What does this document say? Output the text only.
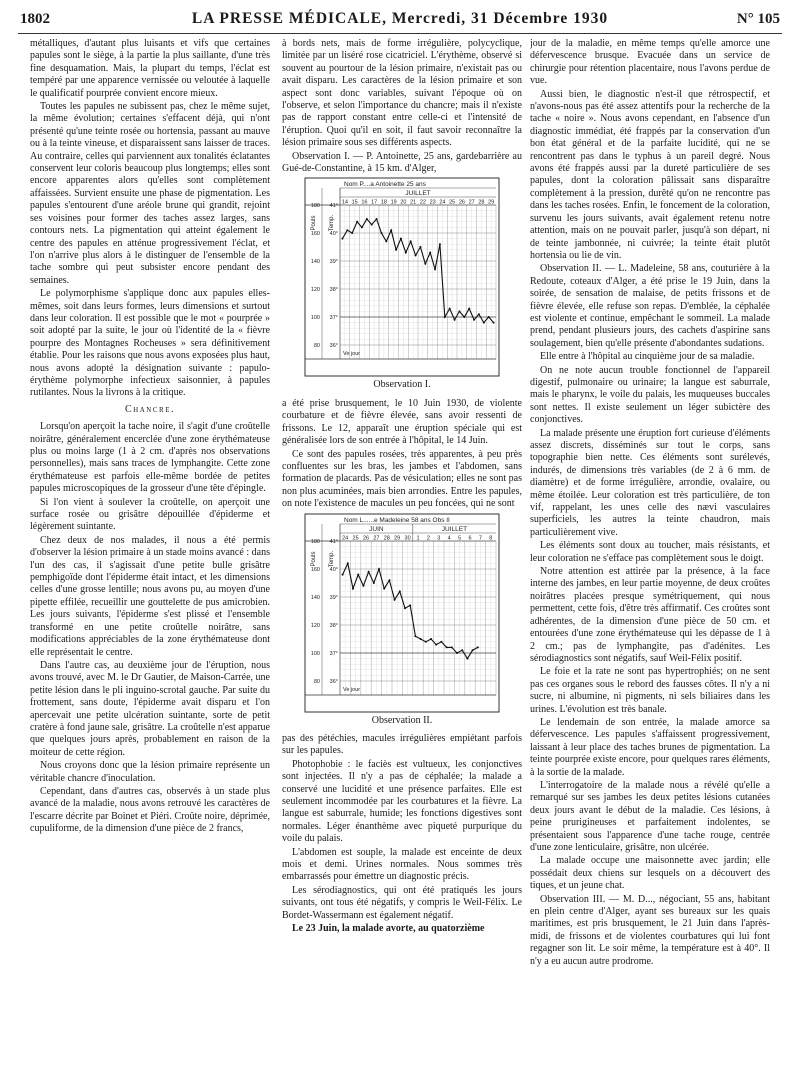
1802	LA PRESSE MÉDICALE, Mercredi, 31 Décembre 1930	N° 105

métalliques, d'autant plus luisants et vifs que certaines papules sont le siège, à la partie la plus saillante, d'une très fine desquamation. Mais, la plupart du temps, l'éclat est tempéré par une apparence vernissée ou veloutée à laquelle le qualificatif pourprée convient encore mieux.

Toutes les papules ne subissent pas, chez le même sujet, la même évolution; certaines s'effacent déjà, qui n'ont présenté qu'une teinte rosée ou hortensia, passant au mauve ou à la teinte vineuse, et disparaissent sans laisser de traces. Au contraire, celles qui parviennent aux tonalités éclatantes conservent leur coloris beaucoup plus longtemps; elles sont encore apparentes alors qu'elles sont complètement affaissées. Survient ensuite une phase de pigmentation. Les papules s'entourent d'une aréole brune qui grandit, rejoint ses voisines pour former des taches assez larges, sans contours nets. La pigmentation qui atteint également le centre des papules en atténue progressivement l'éclat, et l'on n'arrive plus alors à le distinguer de l'ensemble de la tache sombre qui peut subsister encore pendant des semaines.

Le polymorphisme s'applique donc aux papules elles-mêmes, soit dans leurs formes, leurs dimensions et surtout dans leur coloration. Il est possible que le mot « pourprée » soit adopté par la suite, le jour où l'identité de la « fièvre pourpre des Montagnes Rocheuses » sera définitivement établie. Pour les raisons que nous avons exposées plus haut, nous avons adopté la désignation suivante : papulo-érythème polymorphe infectieux saisonnier, à papules rutilantes. Nous la livrons à la critique.

Chancre.

Lorsqu'on aperçoit la tache noire, il s'agit d'une croûtelle noirâtre, généralement encerclée d'une zone érythémateuse plus ou moins large (1 à 2 cm. d'après nos observations personnelles), mais sans traces de lymphangite. Cette zone érythémateuse est parfois elle-même bordée de petites papules microscopiques de la grosseur d'une tête d'épingle.

Si l'on vient à soulever la croûtelle, on aperçoit une surface rosée ou grisâtre dépouillée d'épiderme et légèrement suintante.

Chez deux de nos malades, il nous a été permis d'observer la lésion primaire à un stade moins avancé : dans l'un des cas, il s'agissait d'une petite bulle grisâtre pemphigoïde dont l'épiderme était intact, et les dimensions celles d'une grosse lentille; nous avons pu, au moyen d'une pipette effilée, recueillir une gouttelette de pus amicrobien. Les jours suivants, l'épiderme s'est plissé et l'ensemble transformé en une petite croûtelle noirâtre, sans modifications appréciables de la zone érythémateuse dont elle représentait le centre.

Dans l'autre cas, au deuxième jour de l'éruption, nous avons trouvé, avec M. le Dr Gautier, de Maison-Carrée, une petite lésion dans le pli inguino-scrotal gauche. Par suite du frottement, sans doute, l'épiderme avait disparu et l'on apercevait une petite ulcération suintante, sorte de petit cratère à fond jaune sale, grisâtre. La croûtelle n'est apparue que quelques jours après, probablement en raison de la moiteur de cette région.

Nous croyons donc que la lésion primaire représente un véritable chancre d'inoculation.

Cependant, dans d'autres cas, observés à un stade plus avancé de la maladie, nous avons retrouvé les caractères de l'escarre décrite par Boinet et Piéri. Croûte noire, déprimée, cupuliforme, de la dimension d'une pièce de 2 francs,

à bords nets, mais de forme irrégulière, polycyclique, limitée par un liséré rose cicatriciel. L'érythème, observé si souvent au pourtour de la lésion primaire, n'existait pas ou avait disparu. Les caractères de la lésion primaire et son aspect sont donc variables, suivant l'époque où on l'observe, et selon l'importance du chancre; mais il n'existe pas de rapport constant entre celle-ci et l'intensité de l'éruption. Quoi qu'il en soit, il faut savoir reconnaître la lésion primaire sous ses différents aspects.

Observation I. — P. Antoinette, 25 ans, gardebarrière au Gué-de-Constantine, à 15 km. d'Alger,

Nom P....a Antoinette 25 ans
JUILLET
14 15 16 17 18 19 20 21 22 23 24 25 26 27 28 29
Pouls Temp.
41°
40°
39°
38°
37°
36°
180
160
140
120
100
80
Ve jour
Observation I.

a été prise brusquement, le 10 Juin 1930, de violente courbature et de fièvre élevée, sans avoir ressenti de frissons. Le 12, apparaît une éruption spéciale qui est généralisée lors de son entrée à l'hôpital, le 14 Juin.

Ce sont des papules rosées, très apparentes, à peu près confluentes sur les bras, les jambes et l'abdomen, sans formation de placards. Pas de vésiculation; elles ne sont pas non plus acuminées, mais bien arrondies. Entre les papules, on note l'existence de macules un peu foncées, qui ne sont

Nom L......e Madeleine 58 ans Obs II
JUIN	JUILLET
24 25 26 27 28 29 30 1 2 3 4 5 6 7 8
Pouls Temp.
41°
40°
39°
38°
37°
36°
180
160
140
120
100
80
Ve jour
Observation II.

pas des pétéchies, macules irrégulières empiétant parfois sur les papules.

Photophobie : le faciès est vultueux, les conjonctives sont injectées. Il n'y a pas de céphalée; la malade a conservé une lucidité et une présence parfaites. Elle est seulement incommodée par les courbatures et la fièvre. La langue est saburrale, humide; les fonctions digestives sont normales. Léger énanthème avec piqueté purpurique du voile du palais.

L'abdomen est souple, la malade est enceinte de deux mois et demi. Urines normales. Nous sommes très embarrassés pour émettre un diagnostic précis.

Les sérodiagnostics, qui ont été pratiqués les jours suivants, ont tous été négatifs, y compris le Weil-Félix. Le Bordet-Wassermann est également négatif.

Le 23 Juin, la malade avorte, au quatorzième

jour de la maladie, en même temps qu'elle amorce une défervescence brusque. Evacuée dans un service de chirurgie pour rétention placentaire, nous l'avons perdue de vue.

Aussi bien, le diagnostic n'est-il que rétrospectif, et n'avons-nous pas été assez attentifs pour la recherche de la tache « noire ». Nous avons cependant, en l'absence d'un diagnostic immédiat, été frappés par la conservation d'un bon état général et de la parfaite lucidité, qui ne se rencontrent pas dans le typhus à un pareil degré. Nous avons été frappés aussi par la dureté particulière de ses papules, dont la coloration pâlissait sans disparaître complètement à la pression, durêté qu'on ne rencontre pas dans les taches rosées. Enfin, le foncement de la coloration, survenu les jours suivants, avait également retenu notre attention, mais on ne pouvait parler, jusqu'à son départ, ni de teinte jambonnée, ni cuivrée; la teinte était plutôt hortensia ou lie de vin.

Observation II. — L. Madeleine, 58 ans, couturière à la Redoute, coteaux d'Alger, a été prise le 19 Juin, dans la soirée, de sensation de malaise, de petits frissons et de fièvre élevée, elle refuse son repas. D'emblée, la céphalée est violente et continue, empêchant le sommeil. La malade prend, pendant plusieurs jours, des cachets d'aspirine sans soulagement, bien qu'elle présente d'abondantes sudations.

Elle entre à l'hôpital au cinquième jour de sa maladie.

On ne note aucun trouble fonctionnel de l'appareil digestif, pulmonaire ou urinaire; la langue est saburrale, mais le pharynx, le voile du palais, les muqueuses buccales sont nettes. Il existe seulement un léger subictère des conjonctives.

La malade présente une éruption fort curieuse d'éléments assez discrets, disséminés sur tout le corps, sans topographie bien nette. Ces éléments sont surélevés, indurés, de dimensions très variables (de 2 à 6 mm. de diamètre) et de forme irrégulière, arrondie, ovalaire, ou même étoilée. Leur coloration est très particulière, de ton vif, rappelant, les unes celle des nævi vasculaires superficiels, les autres la teinte chaudron, mais particulièrement vive.

Les éléments sont doux au toucher, mais résistants, et leur coloration ne s'efface pas complètement sous le doigt.

Notre attention est attirée par la présence, à la face interne des jambes, en leur partie moyenne, de deux croûtes noirâtres placées presque symétriquement, qui nous permettent, cette fois, d'être très affirmatif. Ces croûtes sont adhérentes, de la dimension d'une pièce de 50 cm. et entourées d'une zone érythémateuse qui les dépasse de 1 à 2 cm.; pas de lymphangite, pas d'adénites. Les sérodiagnostics sont négatifs, sauf Weil-Félix positif.

Le foie et la rate ne sont pas hypertrophiés; on ne sent pas ces organes sous le rebord des fausses côtes. Il n'y a ni sucre, ni albumine, ni pigments, ni sels biliaires dans les urines. L'évolution est très banale.

Le lendemain de son entrée, la malade amorce sa défervescence. Les papules s'affaissent progressivement, laissant à leur place des taches brunes de pigmentation. La teinte pourprée existe encore, pour quelques rares éléments, à la sortie de la malade.

L'interrogatoire de la malade nous a révélé qu'elle a remarqué sur ses jambes les deux petites lésions cutanées deux jours avant le début de la maladie. Ces lésions, à peine prurigineuses et parfaitement indolentes, se présentaient sous l'apparence d'une tache rouge, centrée d'une zone lenticulaire, grisâtre, non ulcérée.

La malade occupe une maisonnette avec jardin; elle possédait deux chiens sur lesquels on a découvert des tiques, et un jeune chat.

Observation III. — M. D..., négociant, 55 ans, habitant en plein centre d'Alger, ayant ses bureaux sur les quais maritimes, est pris brusquement, le 21 Juin dans l'après-midi, de frissons et de violentes courbatures qui lui font regagner son lit. Le soir même, la température est à 40°. Il n'y a eu aucun autre prodrome.
